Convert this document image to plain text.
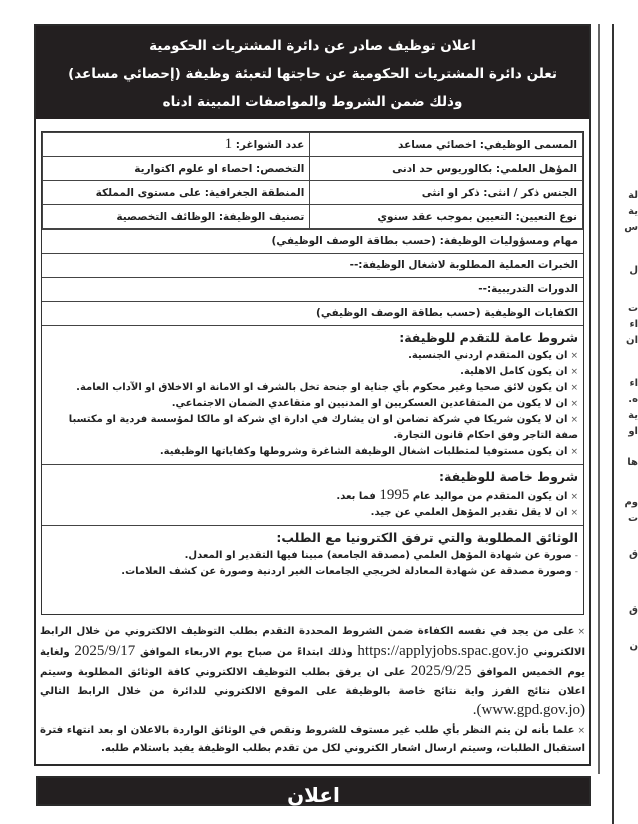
اعلان توظيف صادر عن دائرة المشتريات الحكومية
تعلن دائرة المشتريات الحكومية عن حاجتها لتعبئة وظيفة (إحصائي مساعد)
وذلك ضمن الشروط والمواصفات المبينة ادناه
المسمى الوظيفي: اخصائي مساعد	عدد الشواغر: 1
المؤهل العلمي: بكالوريوس حد ادنى	التخصص: احصاء او علوم اكتوارية
الجنس ذكر / انثى: ذكر او انثى	المنطقة الجغرافية: على مستوى المملكة
نوع التعيين: التعيين بموجب عقد سنوي	تصنيف الوظيفة: الوظائف التخصصية
مهام ومسؤوليات الوظيفة: (حسب بطاقة الوصف الوظيفي)
الخبرات العملية المطلوبة لاشغال الوظيفة:--
الدورات التدريبية:--
الكفايات الوظيفية (حسب بطاقة الوصف الوظيفي)
شروط عامة للتقدم للوظيفة:
×ان يكون المتقدم اردني الجنسية.
×ان يكون كامل الاهلية.
×ان يكون لائق صحيا وغير محكوم بأي جناية او جنحة تخل بالشرف او الامانة او الاخلاق او الآداب العامة.
×ان لا يكون من المتقاعدين العسكريين او المدنيين او متقاعدي الضمان الاجتماعي.
×ان لا يكون شريكا في شركة تضامن او ان يشارك في ادارة اي شركة او مالكا لمؤسسة فردية او مكتسبا صفة التاجر وفق احكام قانون التجارة.
×ان يكون مستوفيا لمتطلبات اشغال الوظيفة الشاغرة وشروطها وكفاياتها الوظيفية.
شروط خاصة للوظيفة:
×ان يكون المتقدم من مواليد عام 1995 فما بعد.
×ان لا يقل تقدير المؤهل العلمي عن جيد.
الوثائق المطلوبة والتي ترفق الكترونيا مع الطلب:
-صورة عن شهادة المؤهل العلمي (مصدقة الجامعة) مبينا فيها التقدير او المعدل.
-وصورة مصدقة عن شهادة المعادلة لخريجي الجامعات الغير اردنية وصورة عن كشف العلامات.
×على من يجد في نفسه الكفاءة ضمن الشروط المحددة التقدم بطلب التوظيف الالكتروني من خلال الرابط الالكتروني https://applyjobs.spac.gov.jo وذلك ابتداءً من صباح يوم الاربعاء الموافق 2025/9/17 ولغاية يوم الخميس الموافق 2025/9/25 على ان يرفق بطلب التوظيف الالكتروني كافة الوثائق المطلوبة وسيتم اعلان نتائج الفرز واية نتائج خاصة بالوظيفة على الموقع الالكتروني للدائرة من خلال الرابط التالي (www.gpd.gov.jo).
×علما بأنه لن يتم النظر بأي طلب غير مستوف للشروط ونقص في الوثائق الواردة بالاعلان او بعد انتهاء فترة استقبال الطلبات، وسيتم ارسال اشعار الكتروني لكل من تقدم بطلب الوظيفة يفيد باستلام طلبه.
اعلان
لة
ية
س
ل
ت
اء
ان
اء
ه.
ية
او
ها
وم
ت
ق
ق
ن
